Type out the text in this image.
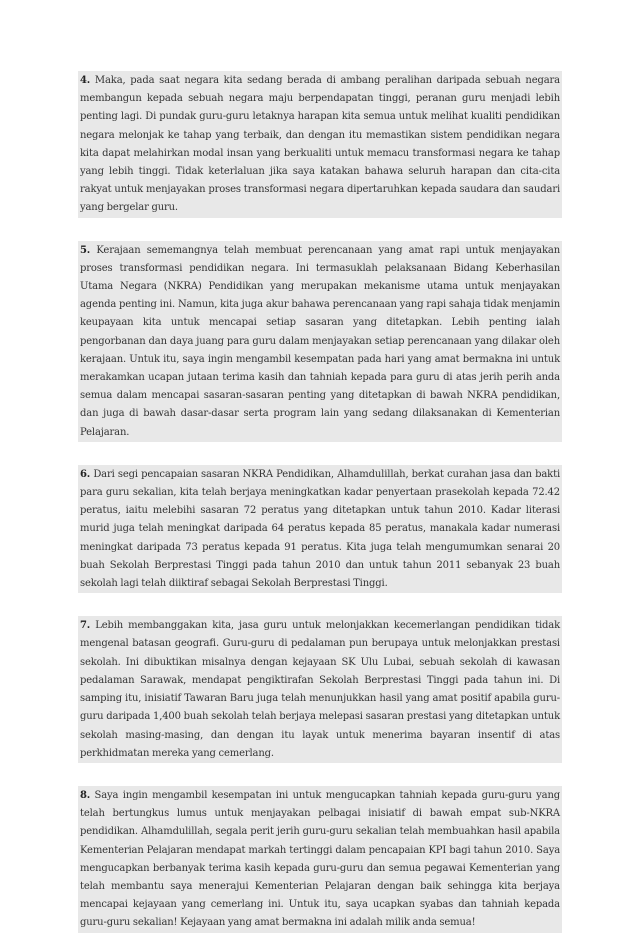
4. Maka, pada saat negara kita sedang berada di ambang peralihan daripada sebuah negara membangun kepada sebuah negara maju berpendapatan tinggi, peranan guru menjadi lebih penting lagi. Di pundak guru-guru letaknya harapan kita semua untuk melihat kualiti pendidikan negara melonjak ke tahap yang terbaik, dan dengan itu memastikan sistem pendidikan negara kita dapat melahirkan modal insan yang berkualiti untuk memacu transformasi negara ke tahap yang lebih tinggi. Tidak keterlaluan jika saya katakan bahawa seluruh harapan dan cita-cita rakyat untuk menjayakan proses transformasi negara dipertaruhkan kepada saudara dan saudari yang bergelar guru.

5. Kerajaan sememangnya telah membuat perencanaan yang amat rapi untuk menjayakan proses transformasi pendidikan negara. Ini termasuklah pelaksanaan Bidang Keberhasilan Utama Negara (NKRA) Pendidikan yang merupakan mekanisme utama untuk menjayakan agenda penting ini. Namun, kita juga akur bahawa perencanaan yang rapi sahaja tidak menjamin keupayaan kita untuk mencapai setiap sasaran yang ditetapkan. Lebih penting ialah pengorbanan dan daya juang para guru dalam menjayakan setiap perencanaan yang dilakar oleh kerajaan. Untuk itu, saya ingin mengambil kesempatan pada hari yang amat bermakna ini untuk merakamkan ucapan jutaan terima kasih dan tahniah kepada para guru di atas jerih perih anda semua dalam mencapai sasaran-sasaran penting yang ditetapkan di bawah NKRA pendidikan, dan juga di bawah dasar-dasar serta program lain yang sedang dilaksanakan di Kementerian Pelajaran.

6. Dari segi pencapaian sasaran NKRA Pendidikan, Alhamdulillah, berkat curahan jasa dan bakti para guru sekalian, kita telah berjaya meningkatkan kadar penyertaan prasekolah kepada 72.42 peratus, iaitu melebihi sasaran 72 peratus yang ditetapkan untuk tahun 2010. Kadar literasi murid juga telah meningkat daripada 64 peratus kepada 85 peratus, manakala kadar numerasi meningkat daripada 73 peratus kepada 91 peratus. Kita juga telah mengumumkan senarai 20 buah Sekolah Berprestasi Tinggi pada tahun 2010 dan untuk tahun 2011 sebanyak 23 buah sekolah lagi telah diiktiraf sebagai Sekolah Berprestasi Tinggi.

7. Lebih membanggakan kita, jasa guru untuk melonjakkan kecemerlangan pendidikan tidak mengenal batasan geografi. Guru-guru di pedalaman pun berupaya untuk melonjakkan prestasi sekolah. Ini dibuktikan misalnya dengan kejayaan SK Ulu Lubai, sebuah sekolah di kawasan pedalaman Sarawak, mendapat pengiktirafan Sekolah Berprestasi Tinggi pada tahun ini. Di samping itu, inisiatif Tawaran Baru juga telah menunjukkan hasil yang amat positif apabila guru-guru daripada 1,400 buah sekolah telah berjaya melepasi sasaran prestasi yang ditetapkan untuk sekolah masing-masing, dan dengan itu layak untuk menerima bayaran insentif di atas perkhidmatan mereka yang cemerlang.

8. Saya ingin mengambil kesempatan ini untuk mengucapkan tahniah kepada guru-guru yang telah bertungkus lumus untuk menjayakan pelbagai inisiatif di bawah empat sub-NKRA pendidikan. Alhamdulillah, segala perit jerih guru-guru sekalian telah membuahkan hasil apabila Kementerian Pelajaran mendapat markah tertinggi dalam pencapaian KPI bagi tahun 2010. Saya mengucapkan berbanyak terima kasih kepada guru-guru dan semua pegawai Kementerian yang telah membantu saya menerajui Kementerian Pelajaran dengan baik sehingga kita berjaya mencapai kejayaan yang cemerlang ini. Untuk itu, saya ucapkan syabas dan tahniah kepada guru-guru sekalian! Kejayaan yang amat bermakna ini adalah milik anda semua!
